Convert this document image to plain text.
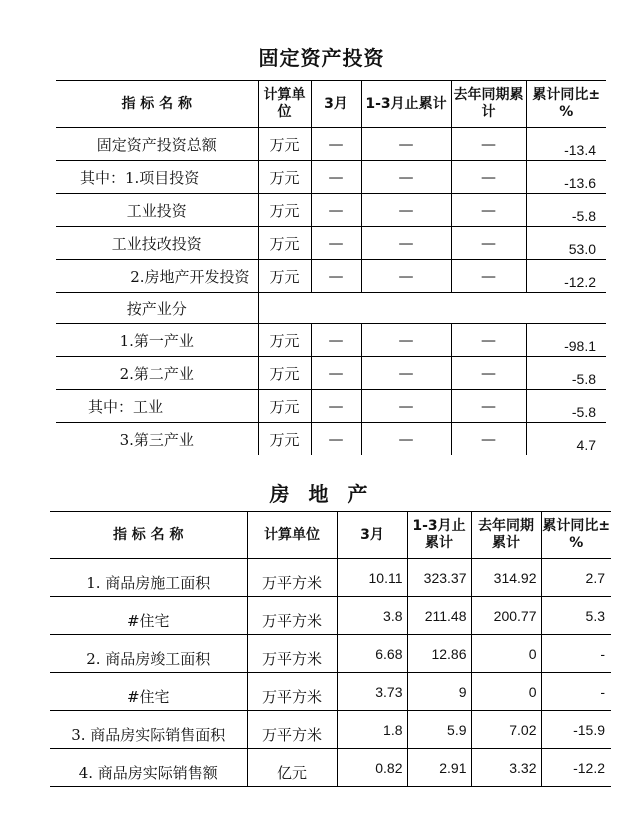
固定资产投资
指 标 名 称	计算单位	3月	1-3月止累计	去年同期累计	累计同比±%
固定资产投资总额	万元	—	—	—	-13.4
其中：1.项目投资	万元	—	—	—	-13.6
工业投资	万元	—	—	—	-5.8
工业技改投资	万元	—	—	—	53.0
2.房地产开发投资	万元	—	—	—	-12.2
按产业分					
1.第一产业	万元	—	—	—	-98.1
2.第二产业	万元	—	—	—	-5.8
其中：工业	万元	—	—	—	-5.8
3.第三产业	万元	—	—	—	4.7
房 地 产
指 标 名 称	计算单位	3月	1-3月止累计	去年同期累计	累计同比±%
1. 商品房施工面积	万平方米	10.11	323.37	314.92	2.7
#住宅	万平方米	3.8	211.48	200.77	5.3
2. 商品房竣工面积	万平方米	6.68	12.86	0	-
#住宅	万平方米	3.73	9	0	-
3. 商品房实际销售面积	万平方米	1.8	5.9	7.02	-15.9
4. 商品房实际销售额	亿元	0.82	2.91	3.32	-12.2
